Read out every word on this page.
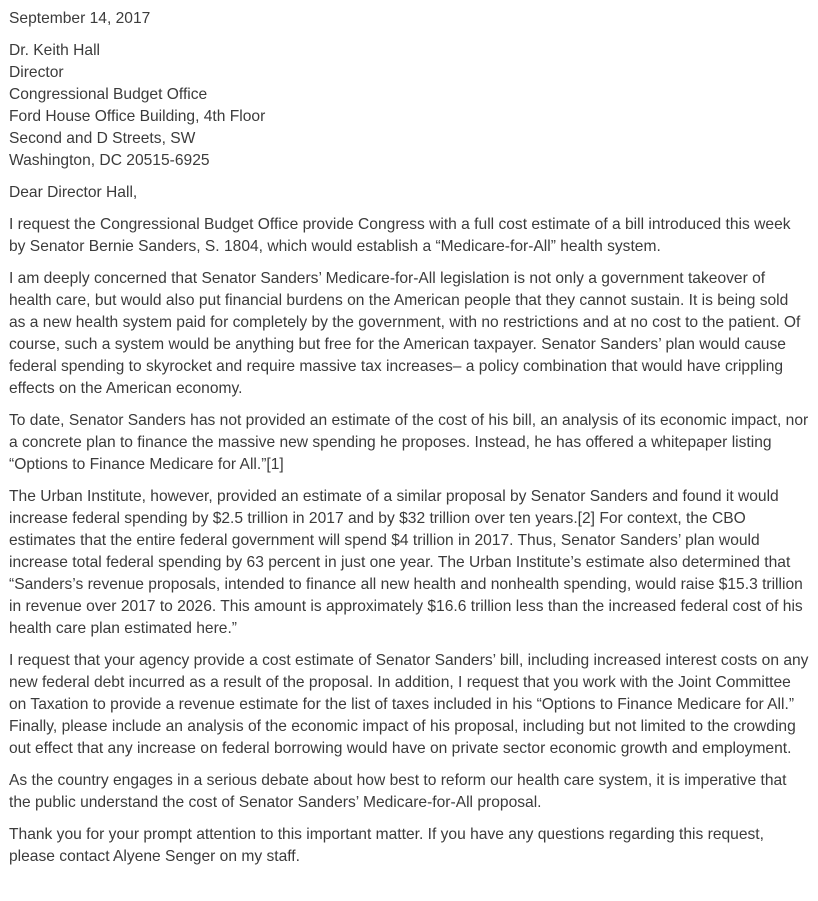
September 14, 2017
Dr. Keith Hall
Director
Congressional Budget Office
Ford House Office Building, 4th Floor
Second and D Streets, SW
Washington, DC 20515-6925
Dear Director Hall,

I request the Congressional Budget Office provide Congress with a full cost estimate of a bill introduced this week by Senator Bernie Sanders, S. 1804, which would establish a “Medicare-for-All” health system.

I am deeply concerned that Senator Sanders’ Medicare-for-All legislation is not only a government takeover of health care, but would also put financial burdens on the American people that they cannot sustain. It is being sold as a new health system paid for completely by the government, with no restrictions and at no cost to the patient. Of course, such a system would be anything but free for the American taxpayer. Senator Sanders’ plan would cause federal spending to skyrocket and require massive tax increases– a policy combination that would have crippling effects on the American economy.

To date, Senator Sanders has not provided an estimate of the cost of his bill, an analysis of its economic impact, nor a concrete plan to finance the massive new spending he proposes. Instead, he has offered a whitepaper listing “Options to Finance Medicare for All.”[1]

The Urban Institute, however, provided an estimate of a similar proposal by Senator Sanders and found it would increase federal spending by $2.5 trillion in 2017 and by $32 trillion over ten years.[2] For context, the CBO estimates that the entire federal government will spend $4 trillion in 2017. Thus, Senator Sanders’ plan would increase total federal spending by 63 percent in just one year. The Urban Institute’s estimate also determined that “Sanders’s revenue proposals, intended to finance all new health and nonhealth spending, would raise $15.3 trillion in revenue over 2017 to 2026. This amount is approximately $16.6 trillion less than the increased federal cost of his health care plan estimated here.”

I request that your agency provide a cost estimate of Senator Sanders’ bill, including increased interest costs on any new federal debt incurred as a result of the proposal. In addition, I request that you work with the Joint Committee on Taxation to provide a revenue estimate for the list of taxes included in his “Options to Finance Medicare for All.” Finally, please include an analysis of the economic impact of his proposal, including but not limited to the crowding out effect that any increase on federal borrowing would have on private sector economic growth and employment.

As the country engages in a serious debate about how best to reform our health care system, it is imperative that the public understand the cost of Senator Sanders’ Medicare-for-All proposal.

Thank you for your prompt attention to this important matter. If you have any questions regarding this request, please contact Alyene Senger on my staff.
